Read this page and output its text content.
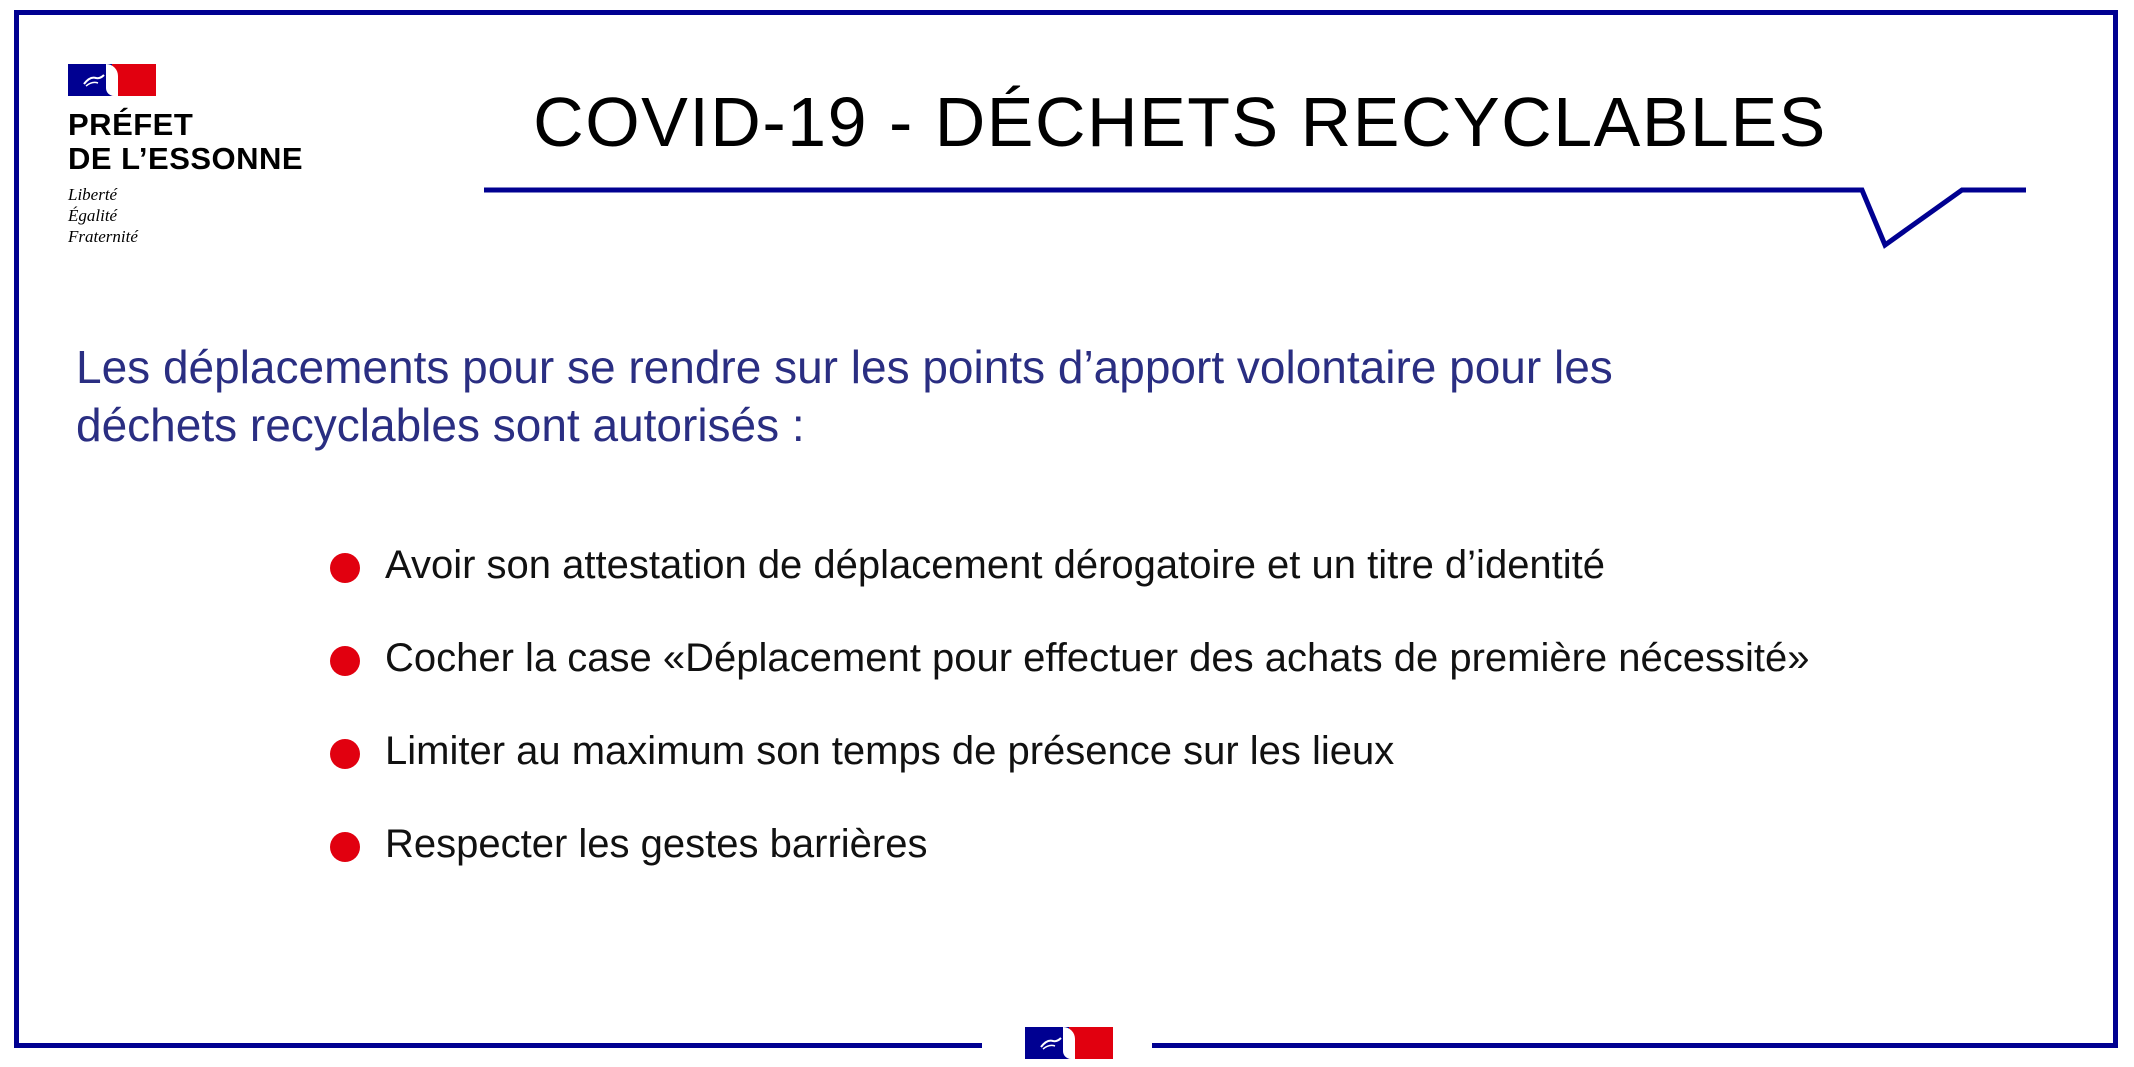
PRÉFET
DE L’ESSONNE
Liberté
Égalité
Fraternité
COVID-19 - DÉCHETS RECYCLABLES
Les déplacements pour se rendre sur les points d’apport volontaire pour les
déchets recyclables sont autorisés :
Avoir son attestation de déplacement dérogatoire et un titre d’identité
Cocher la case «Déplacement pour effectuer des achats de première nécessité»
Limiter au maximum son temps de présence sur les lieux
Respecter les gestes barrières
